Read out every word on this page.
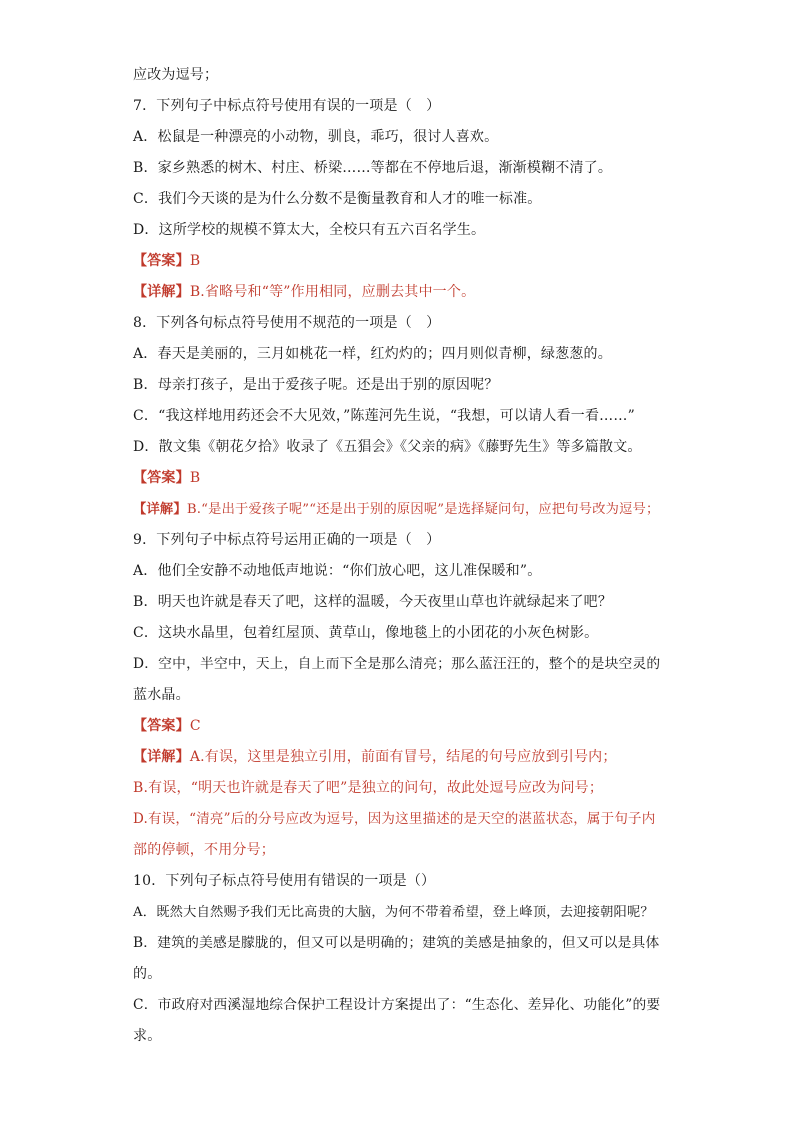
应改为逗号；
7．下列句子中标点符号使用有误的一项是（　）
A．松鼠是一种漂亮的小动物，驯良，乖巧，很讨人喜欢。
B．家乡熟悉的树木、村庄、桥梁……等都在不停地后退，渐渐模糊不清了。
C．我们今天谈的是为什么分数不是衡量教育和人才的唯一标准。
D．这所学校的规模不算太大，全校只有五六百名学生。
【答案】B
【详解】B.省略号和“等”作用相同，应删去其中一个。
8．下列各句标点符号使用不规范的一项是（　）
A．春天是美丽的，三月如桃花一样，红灼灼的；四月则似青柳，绿葱葱的。
B．母亲打孩子，是出于爱孩子呢。还是出于别的原因呢？
C．“我这样地用药还会不大见效，”陈莲河先生说，“我想，可以请人看一看……”
D．散文集《朝花夕拾》收录了《五猖会》《父亲的病》《藤野先生》等多篇散文。
【答案】B
【详解】B.“是出于爱孩子呢”“还是出于别的原因呢”是选择疑问句，应把句号改为逗号；
9．下列句子中标点符号运用正确的一项是（　）
A．他们全安静不动地低声地说：“你们放心吧，这儿准保暖和”。
B．明天也许就是春天了吧，这样的温暖，今天夜里山草也许就绿起来了吧？
C．这块水晶里，包着红屋顶、黄草山，像地毯上的小团花的小灰色树影。
D．空中，半空中，天上，自上而下全是那么清亮；那么蓝汪汪的，整个的是块空灵的
蓝水晶。
【答案】C
【详解】A.有误，这里是独立引用，前面有冒号，结尾的句号应放到引号内；
B.有误，“明天也许就是春天了吧”是独立的问句，故此处逗号应改为问号；
D.有误，“清亮”后的分号应改为逗号，因为这里描述的是天空的湛蓝状态，属于句子内
部的停顿，不用分号；
10．下列句子标点符号使用有错误的一项是（）
A．既然大自然赐予我们无比高贵的大脑，为何不带着希望，登上峰顶，去迎接朝阳呢？
B．建筑的美感是朦胧的，但又可以是明确的；建筑的美感是抽象的，但又可以是具体
的。
C．市政府对西溪湿地综合保护工程设计方案提出了：“生态化、差异化、功能化”的要
求。
